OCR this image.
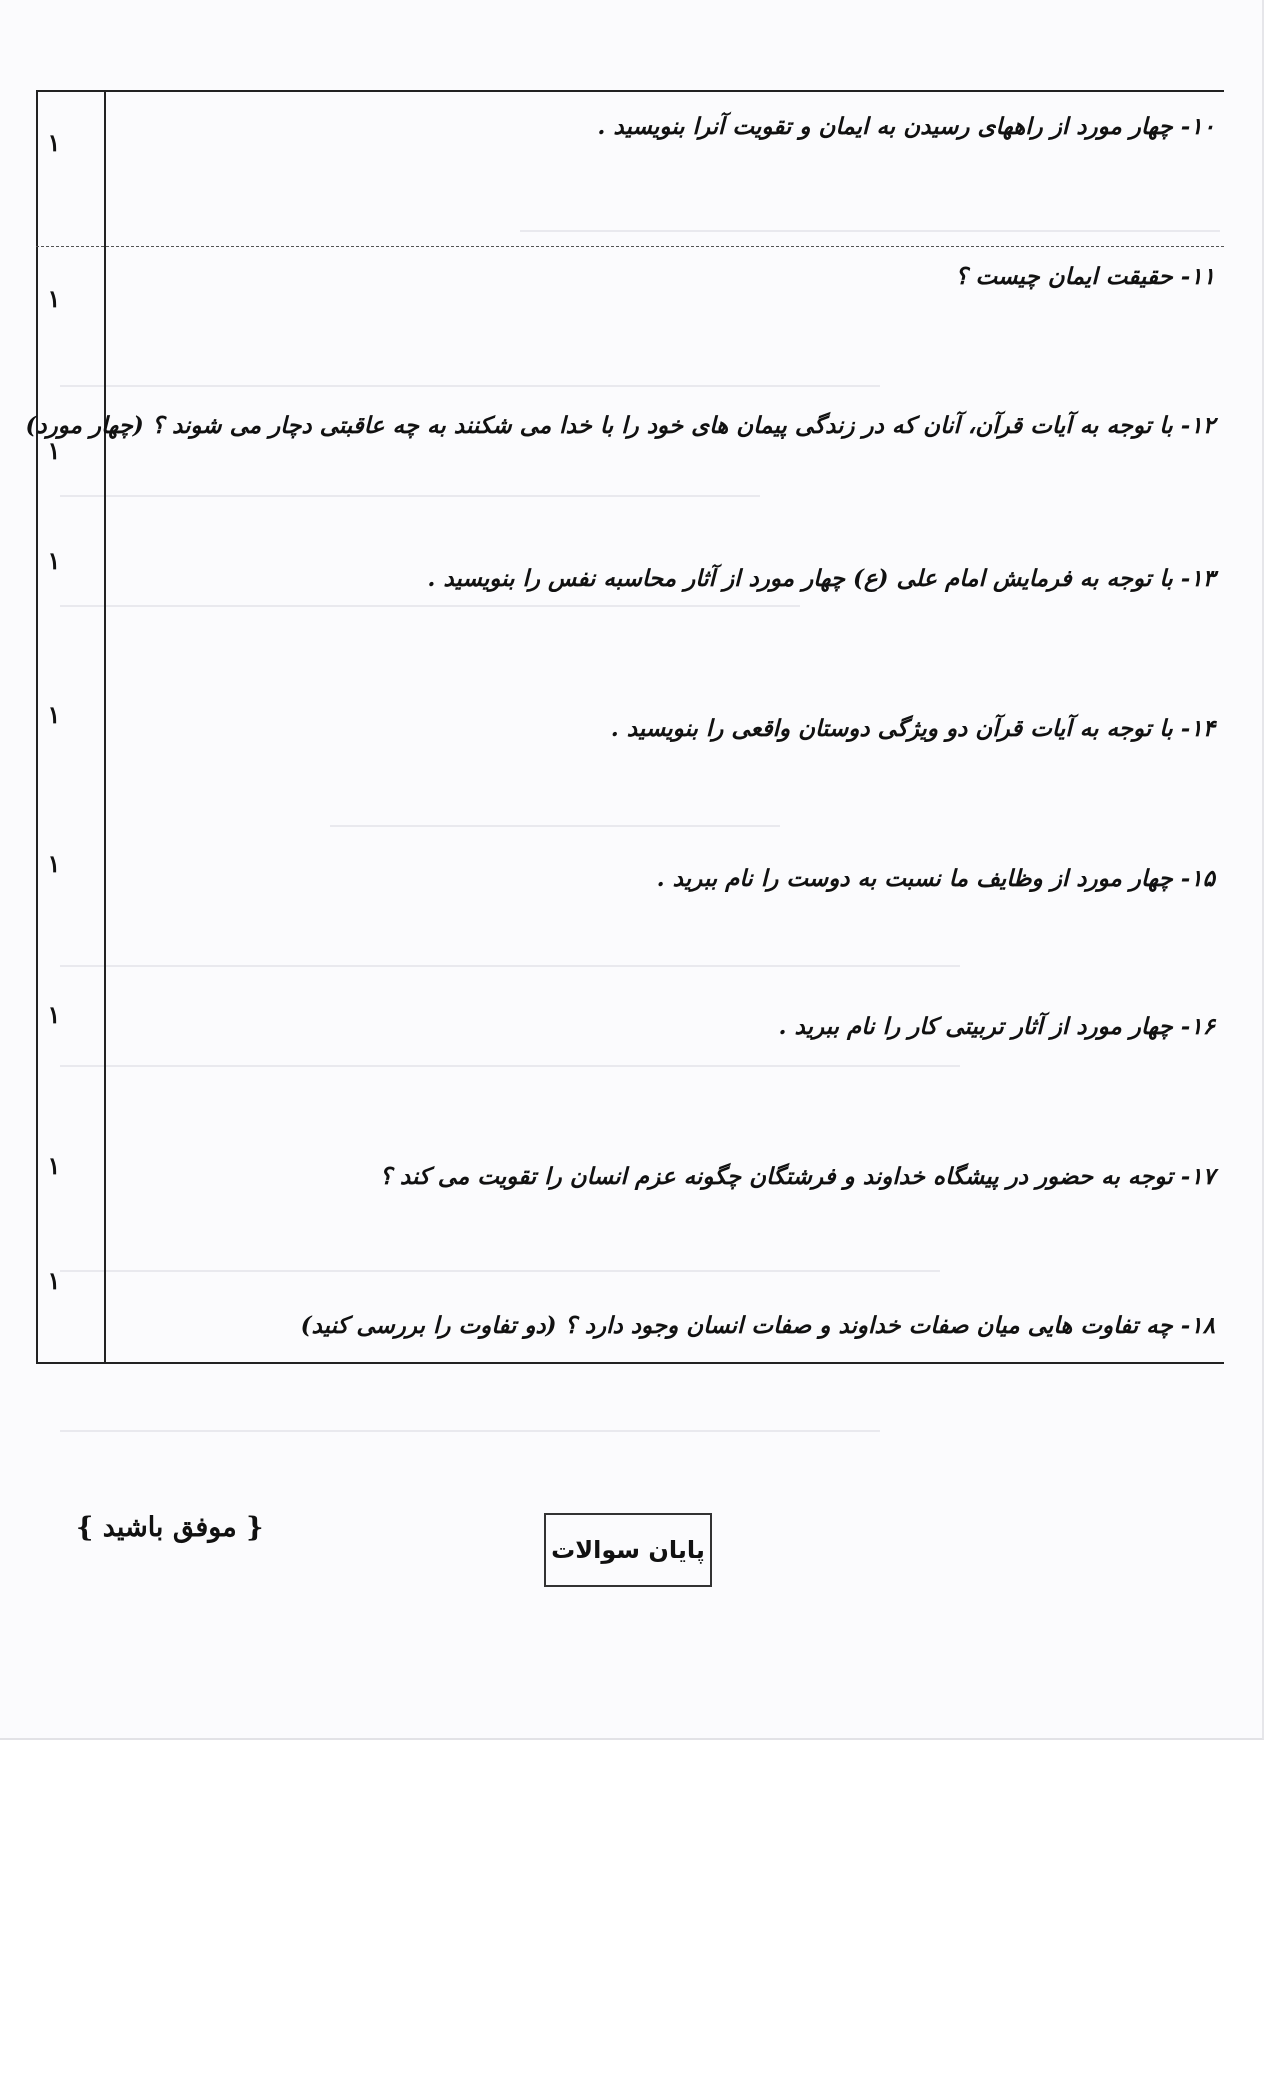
۱۰- چهار مورد از راههای رسیدن به ایمان و تقویت آنرا بنویسید .
۱
۱۱- حقیقت ایمان چیست ؟
۱
۱۲- با توجه به آیات قرآن، آنان که در زندگی پیمان های خود را با خدا می شکنند به چه عاقبتی دچار می شوند ؟ (چهار مورد)
۱
۱۳- با توجه به فرمایش امام علی (ع) چهار مورد از آثار محاسبه نفس را بنویسید .
۱
۱۴- با توجه به آیات قرآن دو ویژگی دوستان واقعی را بنویسید .
۱
۱۵- چهار مورد از وظایف ما نسبت به دوست را نام ببرید .
۱
۱۶- چهار مورد از آثار تربیتی کار را نام ببرید .
۱
۱۷- توجه به حضور در پیشگاه خداوند و فرشتگان چگونه عزم انسان را تقویت می کند ؟
۱
۱۸- چه تفاوت هایی میان صفات خداوند و صفات انسان وجود دارد ؟ (دو تفاوت را بررسی کنید)
۱
{ موفق باشید }
پایان سوالات
